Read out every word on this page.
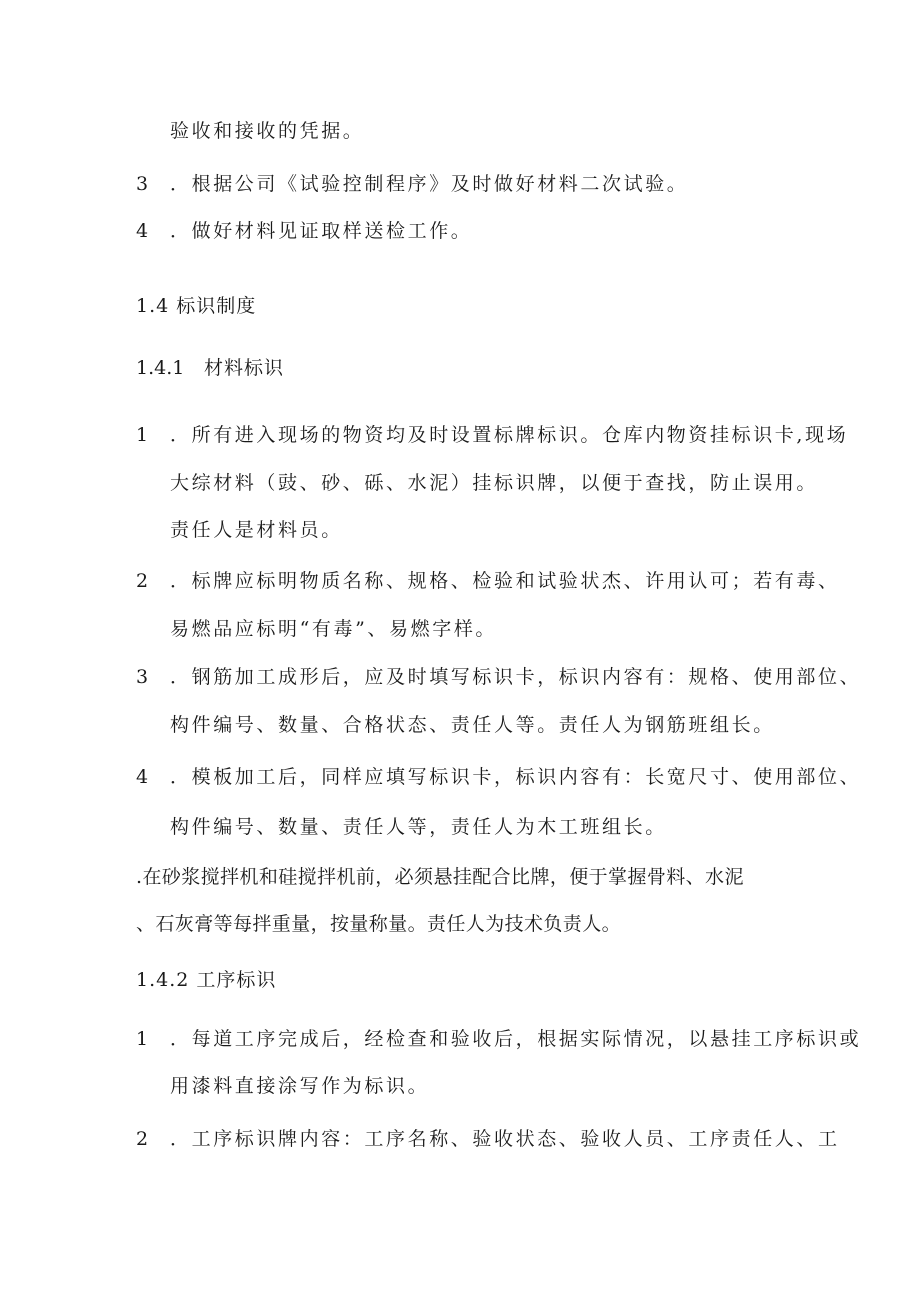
验收和接收的凭据。
3 ．根据公司《试验控制程序》及时做好材料二次试验。
4 ．做好材料见证取样送检工作。
1.4 标识制度
1.4.1 材料标识
1 ．所有进入现场的物资均及时设置标牌标识。仓库内物资挂标识卡,现场
大综材料（豉、砂、砾、水泥）挂标识牌，以便于查找，防止误用。
责任人是材料员。
2 ．标牌应标明物质名称、规格、检验和试验状杰、许用认可；若有毒、
易燃品应标明“有毒”、易燃字样。
3 ．钢筋加工成形后，应及时填写标识卡，标识内容有：规格、使用部位、
构件编号、数量、合格状态、责任人等。责任人为钢筋班组长。
4 ．模板加工后，同样应填写标识卡，标识内容有：长宽尺寸、使用部位、
构件编号、数量、责任人等，责任人为木工班组长。
.在砂浆搅拌机和硅搅拌机前，必须悬挂配合比牌，便于掌握骨料、水泥
、石灰膏等每拌重量，按量称量。责任人为技术负责人。
1.4.2 工序标识
1 ．每道工序完成后，经检查和验收后，根据实际情况，以悬挂工序标识或
用漆料直接涂写作为标识。
2 ．工序标识牌内容：工序名称、验收状态、验收人员、工序责任人、工
